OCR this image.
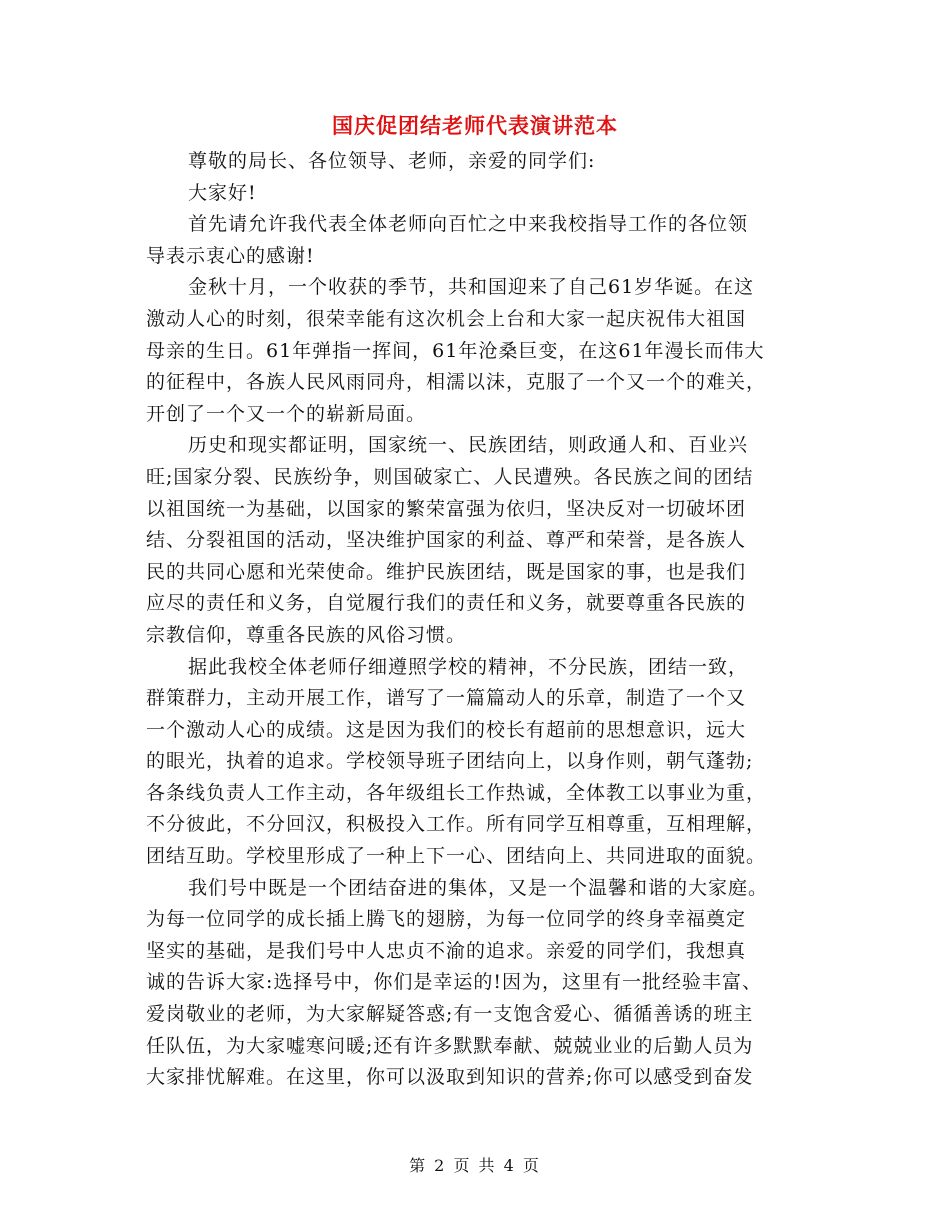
国庆促团结老师代表演讲范本
尊敬的局长、各位领导、老师，亲爱的同学们:
大家好!
首先请允许我代表全体老师向百忙之中来我校指导工作的各位领
导表示衷心的感谢!
金秋十月，一个收获的季节，共和国迎来了自己61岁华诞。在这
激动人心的时刻，很荣幸能有这次机会上台和大家一起庆祝伟大祖国
母亲的生日。61年弹指一挥间，61年沧桑巨变，在这61年漫长而伟大
的征程中，各族人民风雨同舟，相濡以沫，克服了一个又一个的难关，
开创了一个又一个的崭新局面。
历史和现实都证明，国家统一、民族团结，则政通人和、百业兴
旺;国家分裂、民族纷争，则国破家亡、人民遭殃。各民族之间的团结
以祖国统一为基础，以国家的繁荣富强为依归，坚决反对一切破坏团
结、分裂祖国的活动，坚决维护国家的利益、尊严和荣誉，是各族人
民的共同心愿和光荣使命。维护民族团结，既是国家的事，也是我们
应尽的责任和义务，自觉履行我们的责任和义务，就要尊重各民族的
宗教信仰，尊重各民族的风俗习惯。
据此我校全体老师仔细遵照学校的精神，不分民族，团结一致，
群策群力，主动开展工作，谱写了一篇篇动人的乐章，制造了一个又
一个激动人心的成绩。这是因为我们的校长有超前的思想意识，远大
的眼光，执着的追求。学校领导班子团结向上，以身作则，朝气蓬勃;
各条线负责人工作主动，各年级组长工作热诚，全体教工以事业为重，
不分彼此，不分回汉，积极投入工作。所有同学互相尊重，互相理解，
团结互助。学校里形成了一种上下一心、团结向上、共同进取的面貌。
我们号中既是一个团结奋进的集体，又是一个温馨和谐的大家庭。
为每一位同学的成长插上腾飞的翅膀，为每一位同学的终身幸福奠定
坚实的基础，是我们号中人忠贞不渝的追求。亲爱的同学们，我想真
诚的告诉大家:选择号中，你们是幸运的!因为，这里有一批经验丰富、
爱岗敬业的老师，为大家解疑答惑;有一支饱含爱心、循循善诱的班主
任队伍，为大家嘘寒问暖;还有许多默默奉献、兢兢业业的后勤人员为
大家排忧解难。在这里，你可以汲取到知识的营养;你可以感受到奋发
第 2 页 共 4 页
